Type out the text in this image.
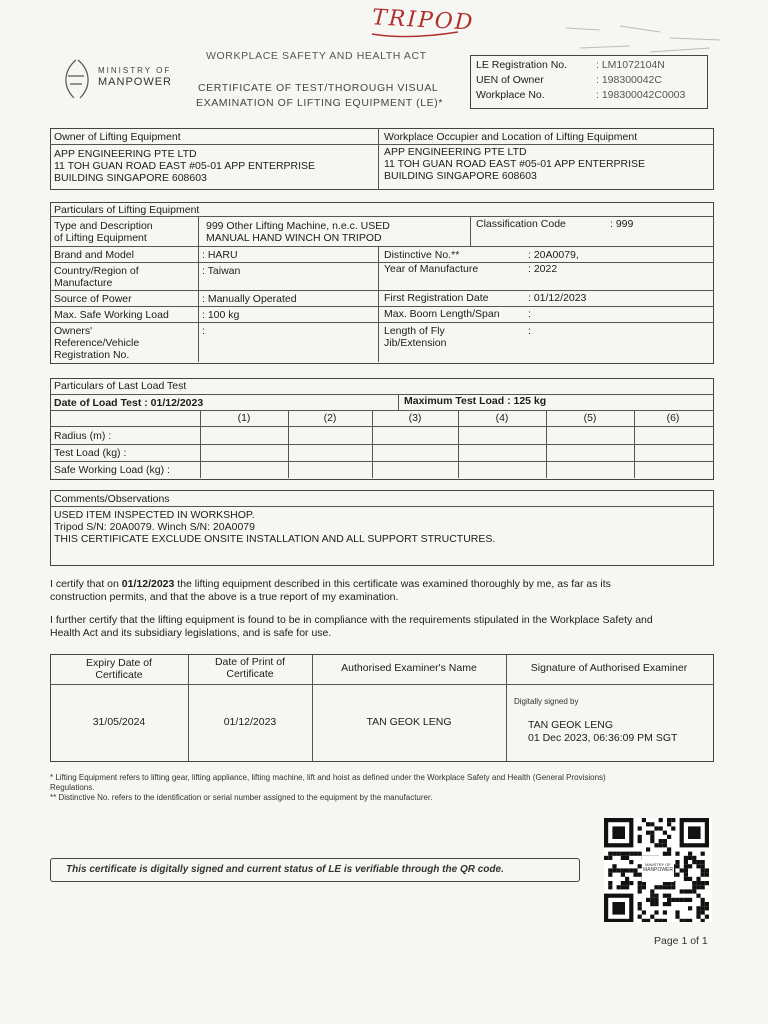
TRIPOD
MINISTRY OF
MANPOWER
WORKPLACE SAFETY AND HEALTH ACT
CERTIFICATE OF TEST/THOROUGH VISUAL
EXAMINATION OF LIFTING EQUIPMENT (LE)*
LE Registration No.	: LM1072104N
UEN of Owner	: 198300042C
Workplace No.	: 198300042C0003
Owner of Lifting Equipment
APP ENGINEERING PTE LTD
11 TOH GUAN ROAD EAST #05-01 APP ENTERPRISE
BUILDING SINGAPORE 608603
Workplace Occupier and Location of Lifting Equipment
APP ENGINEERING PTE LTD
11 TOH GUAN ROAD EAST #05-01 APP ENTERPRISE
BUILDING SINGAPORE 608603
Particulars of Lifting Equipment
Type and Description
of Lifting Equipment
999 Other Lifting Machine, n.e.c. USED
MANUAL HAND WINCH ON TRIPOD
Classification Code	: 999
Brand and Model	: HARU	Distinctive No.**	: 20A0079,
Country/Region of
Manufacture
: Taiwan	Year of Manufacture	: 2022
Source of Power	: Manually Operated	First Registration Date	: 01/12/2023
Max. Safe Working Load	: 100 kg	Max. Boom Length/Span	:
Owners'
Reference/Vehicle
Registration No.
:	Length of Fly
Jib/Extension
:
Particulars of Last Load Test
Date of Load Test : 01/12/2023	Maximum Test Load : 125 kg
(1)	(2)	(3)	(4)	(5)	(6)
Radius (m) :
Test Load (kg) :
Safe Working Load (kg) :
Comments/Observations
USED ITEM INSPECTED IN WORKSHOP.
Tripod S/N: 20A0079. Winch S/N: 20A0079
THIS CERTIFICATE EXCLUDE ONSITE INSTALLATION AND ALL SUPPORT STRUCTURES.
I certify that on 01/12/2023 the lifting equipment described in this certificate was examined thoroughly by me, as far as its
construction permits, and that the above is a true report of my examination.
I further certify that the lifting equipment is found to be in compliance with the requirements stipulated in the Workplace Safety and
Health Act and its subsidiary legislations, and is safe for use.
Expiry Date of
Certificate
Date of Print of
Certificate	Authorised Examiner's Name	Signature of Authorised Examiner
31/05/2024	01/12/2023	TAN GEOK LENG
Digitally signed by
TAN GEOK LENG
01 Dec 2023, 06:36:09 PM SGT
* Lifting Equipment refers to lifting gear, lifting appliance, lifting machine, lift and hoist as defined under the Workplace Safety and Health (General Provisions)
Regulations.
** Distinctive No. refers to the identification or serial number assigned to the equipment by the manufacturer.
This certificate is digitally signed and current status of LE is verifiable through the QR code.	MINISTRY OF
MANPOWER
Page 1 of 1
